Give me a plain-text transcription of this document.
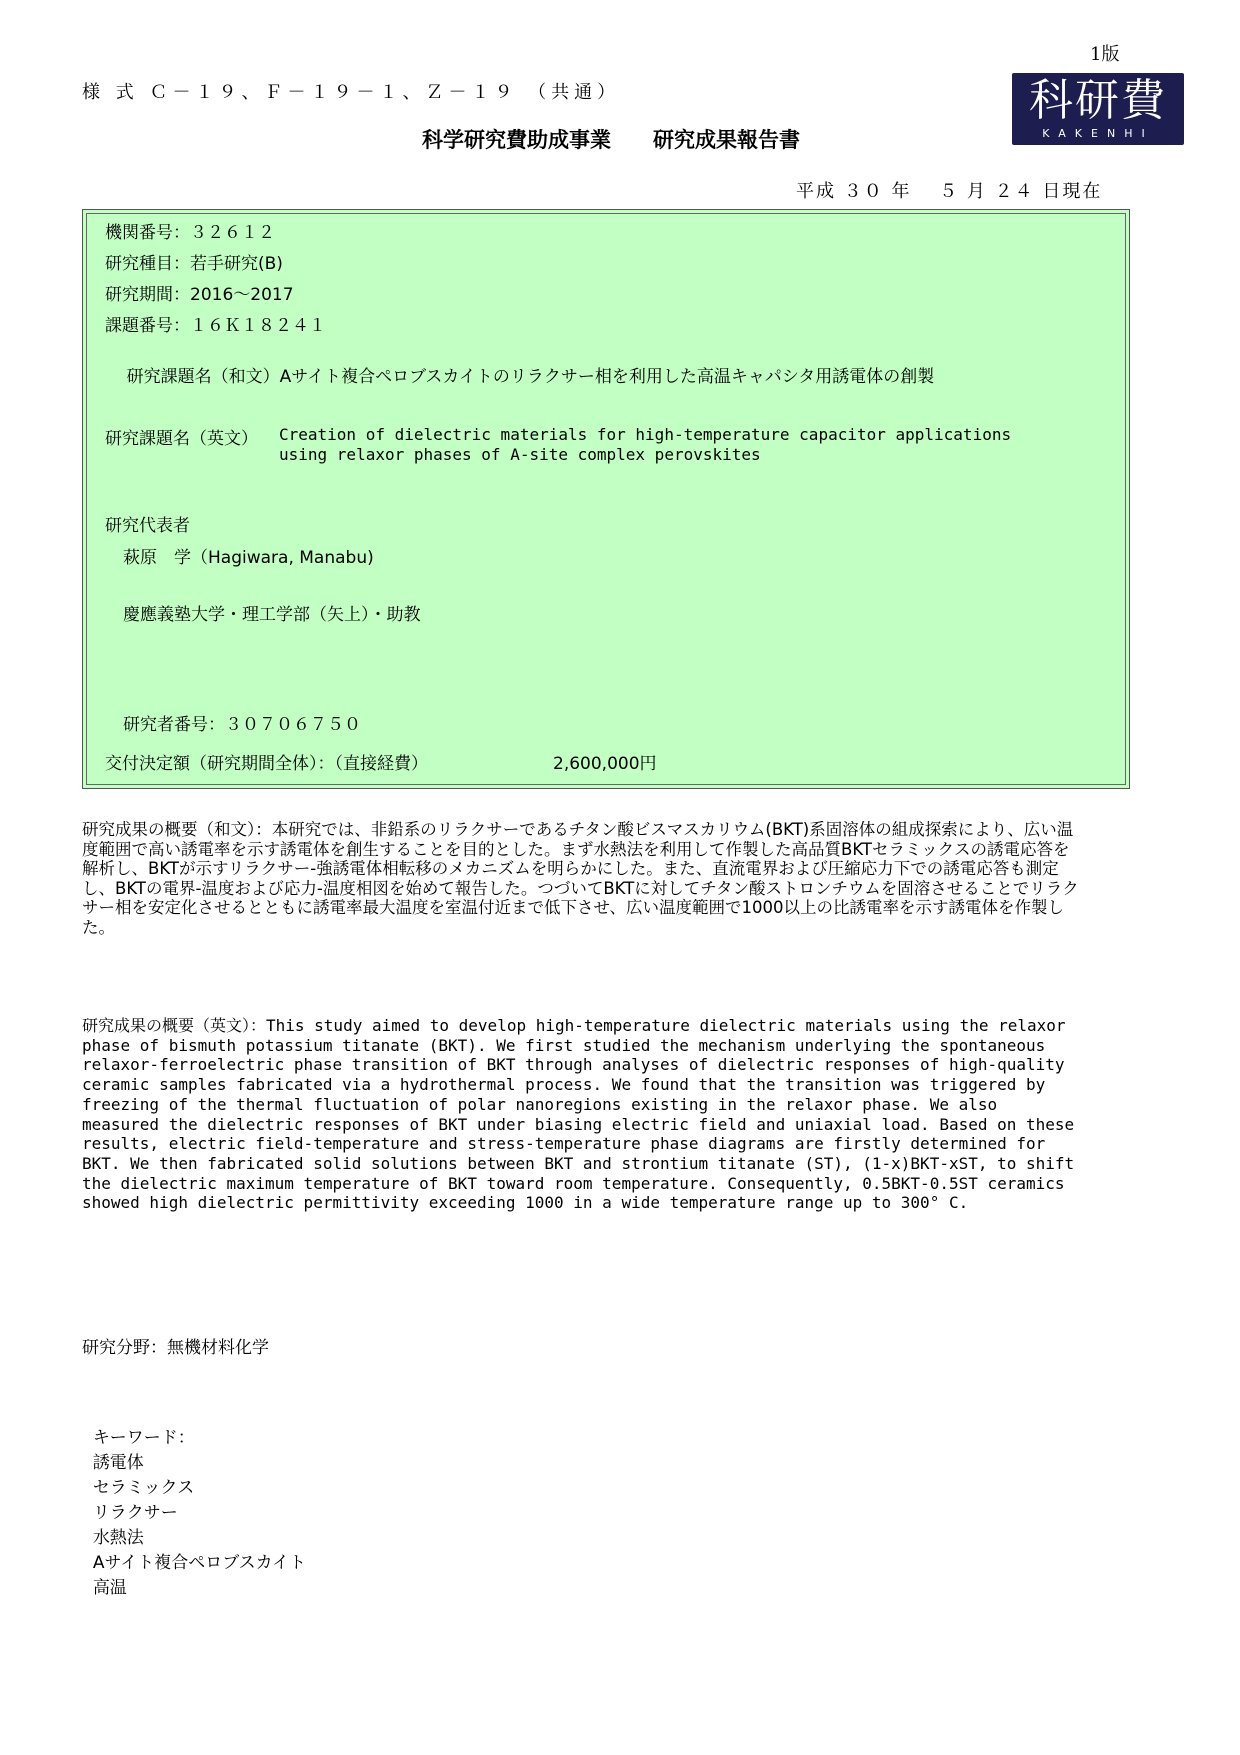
1版
様 式 Ｃ－１９、Ｆ－１９－１、Ｚ－１９ （共通）	科研費
KAKENHI
科学研究費助成事業　　研究成果報告書
平成 ３０ 年　 ５ 月 ２４ 日現在
機関番号：３２６１２
研究種目：若手研究(B)
研究期間：2016～2017
課題番号：１６Ｋ１８２４１

研究課題名（和文）Aサイト複合ペロブスカイトのリラクサー相を利用した高温キャパシタ用誘電体の創製

研究課題名（英文） Creation of dielectric materials for high-temperature capacitor applications
using relaxor phases of A-site complex perovskites
研究代表者
萩原　学（Hagiwara, Manabu)
慶應義塾大学・理工学部（矢上）・助教
研究者番号：３０７０６７５０
交付決定額（研究期間全体）：（直接経費）	2,600,000円
研究成果の概要（和文）：本研究では、非鉛系のリラクサーであるチタン酸ビスマスカリウム(BKT)系固溶体の組成探索により、広い温度範囲で高い誘電率を示す誘電体を創生することを目的とした。まず水熱法を利用して作製した高品質BKTセラミックスの誘電応答を解析し、BKTが示すリラクサー-強誘電体相転移のメカニズムを明らかにした。また、直流電界および圧縮応力下での誘電応答も測定し、BKTの電界-温度および応力-温度相図を始めて報告した。つづいてBKTに対してチタン酸ストロンチウムを固溶させることでリラクサー相を安定化させるとともに誘電率最大温度を室温付近まで低下させ、広い温度範囲で1000以上の比誘電率を示す誘電体を作製した。
研究成果の概要（英文）：This study aimed to develop high-temperature dielectric materials using the relaxor phase of bismuth potassium titanate (BKT). We first studied the mechanism underlying the spontaneous relaxor-ferroelectric phase transition of BKT through analyses of dielectric responses of high-quality ceramic samples fabricated via a hydrothermal process. We found that the transition was triggered by freezing of the thermal fluctuation of polar nanoregions existing in the relaxor phase. We also measured the dielectric responses of BKT under biasing electric field and uniaxial load. Based on these results, electric field-temperature and stress-temperature phase diagrams are firstly determined for BKT. We then fabricated solid solutions between BKT and strontium titanate (ST), (1-x)BKT-xST, to shift the dielectric maximum temperature of BKT toward room temperature. Consequently, 0.5BKT-0.5ST ceramics showed high dielectric permittivity exceeding 1000 in a wide temperature range up to 300° C.
研究分野：無機材料化学

キーワード：
誘電体
セラミックス
リラクサー
水熱法
Aサイト複合ペロブスカイト
高温
